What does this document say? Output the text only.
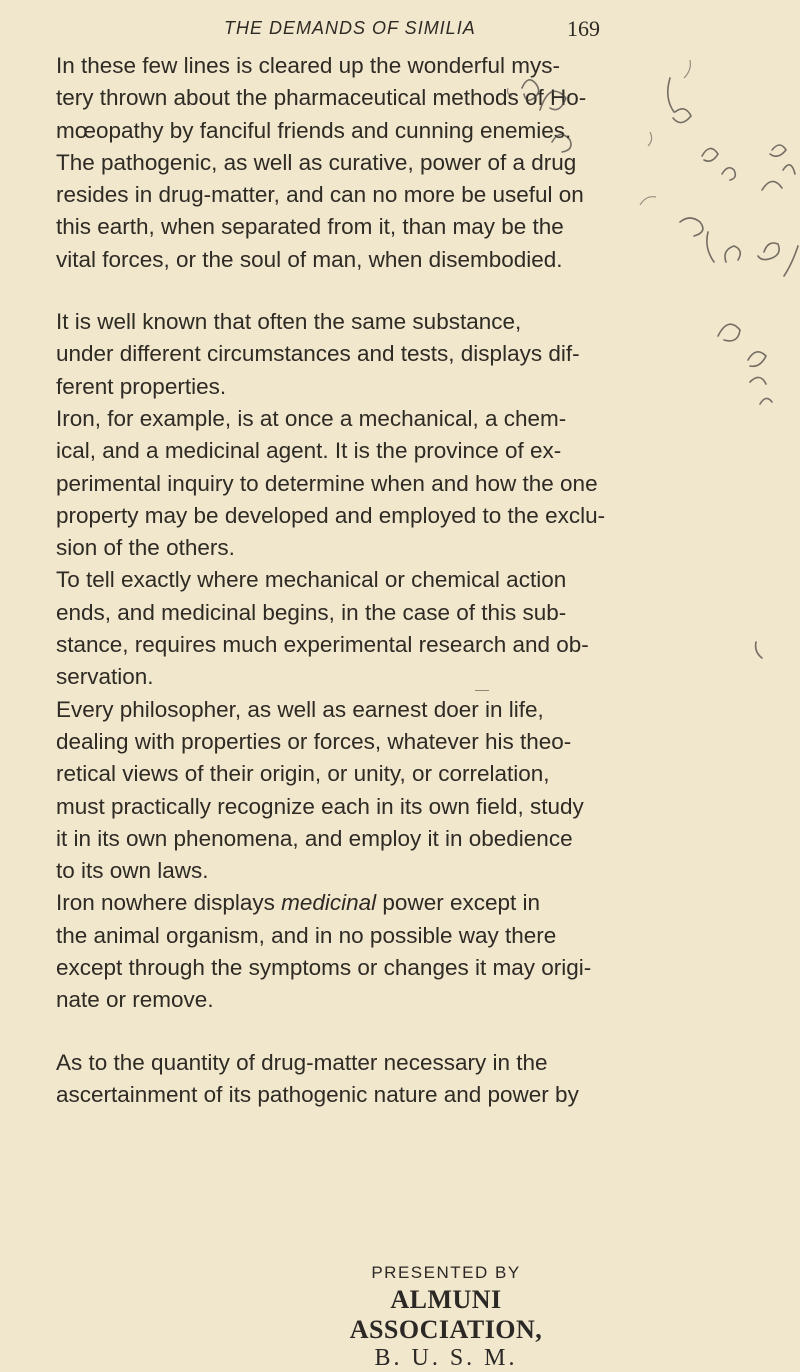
THE DEMANDS OF SIMILIA	169
In these few lines is cleared up the wonderful mys-
tery thrown about the pharmaceutical methods of Ho-
mœopathy by fanciful friends and cunning enemies.
The pathogenic, as well as curative, power of a drug
resides in drug-matter, and can no more be useful on
this earth, when separated from it, than may be the
vital forces, or the soul of man, when disembodied.
It is well known that often the same substance,
under different circumstances and tests, displays dif-
ferent properties.
Iron, for example, is at once a mechanical, a chem-
ical, and a medicinal agent. It is the province of ex-
perimental inquiry to determine when and how the one
property may be developed and employed to the exclu-
sion of the others.
To tell exactly where mechanical or chemical action
ends, and medicinal begins, in the case of this sub-
stance, requires much experimental research and ob-
servation.
Every philosopher, as well as earnest doer in life,
dealing with properties or forces, whatever his theo-
retical views of their origin, or unity, or correlation,
must practically recognize each in its own field, study
it in its own phenomena, and employ it in obedience
to its own laws.
Iron nowhere displays medicinal power except in
the animal organism, and in no possible way there
except through the symptoms or changes it may origi-
nate or remove.
As to the quantity of drug-matter necessary in the
ascertainment of its pathogenic nature and power by
PRESENTED BY
ALMUNI ASSOCIATION,
B. U. S. M.
